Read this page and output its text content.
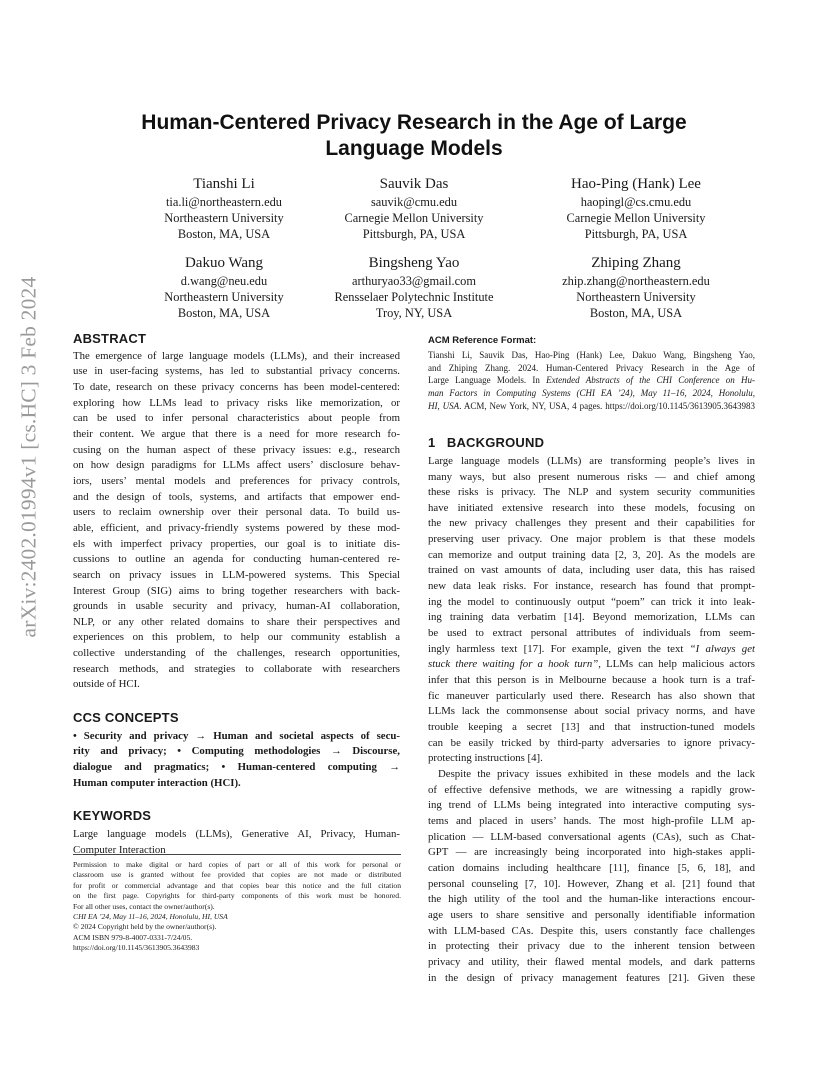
arXiv:2402.01994v1 [cs.HC] 3 Feb 2024
Human-Centered Privacy Research in the Age of Large Language Models
Tianshi Li
tia.li@northeastern.edu
Northeastern University
Boston, MA, USA
Sauvik Das
sauvik@cmu.edu
Carnegie Mellon University
Pittsburgh, PA, USA
Hao-Ping (Hank) Lee
haopingl@cs.cmu.edu
Carnegie Mellon University
Pittsburgh, PA, USA
Dakuo Wang
d.wang@neu.edu
Northeastern University
Boston, MA, USA
Bingsheng Yao
arthuryao33@gmail.com
Rensselaer Polytechnic Institute
Troy, NY, USA
Zhiping Zhang
zhip.zhang@northeastern.edu
Northeastern University
Boston, MA, USA
ABSTRACT
The emergence of large language models (LLMs), and their increased
use in user-facing systems, has led to substantial privacy concerns.
To date, research on these privacy concerns has been model-centered:
exploring how LLMs lead to privacy risks like memorization, or
can be used to infer personal characteristics about people from
their content. We argue that there is a need for more research fo-
cusing on the human aspect of these privacy issues: e.g., research
on how design paradigms for LLMs affect users’ disclosure behav-
iors, users’ mental models and preferences for privacy controls,
and the design of tools, systems, and artifacts that empower end-
users to reclaim ownership over their personal data. To build us-
able, efficient, and privacy-friendly systems powered by these mod-
els with imperfect privacy properties, our goal is to initiate dis-
cussions to outline an agenda for conducting human-centered re-
search on privacy issues in LLM-powered systems. This Special
Interest Group (SIG) aims to bring together researchers with back-
grounds in usable security and privacy, human-AI collaboration,
NLP, or any other related domains to share their perspectives and
experiences on this problem, to help our community establish a
collective understanding of the challenges, research opportunities,
research methods, and strategies to collaborate with researchers
outside of HCI.
CCS CONCEPTS
• Security and privacy → Human and societal aspects of secu-
rity and privacy; • Computing methodologies → Discourse,
dialogue and pragmatics; • Human-centered computing →
Human computer interaction (HCI).
KEYWORDS
Large language models (LLMs), Generative AI, Privacy, Human-
Computer Interaction
Permission to make digital or hard copies of part or all of this work for personal or
classroom use is granted without fee provided that copies are not made or distributed
for profit or commercial advantage and that copies bear this notice and the full citation
on the first page. Copyrights for third-party components of this work must be honored.
For all other uses, contact the owner/author(s).
CHI EA ’24, May 11–16, 2024, Honolulu, HI, USA
© 2024 Copyright held by the owner/author(s).
ACM ISBN 979-8-4007-0331-7/24/05.
https://doi.org/10.1145/3613905.3643983
ACM Reference Format:
Tianshi Li, Sauvik Das, Hao-Ping (Hank) Lee, Dakuo Wang, Bingsheng Yao,
and Zhiping Zhang. 2024. Human-Centered Privacy Research in the Age of
Large Language Models. In Extended Abstracts of the CHI Conference on Hu-
man Factors in Computing Systems (CHI EA ’24), May 11–16, 2024, Honolulu,
HI, USA. ACM, New York, NY, USA, 4 pages. https://doi.org/10.1145/3613905.3643983
1   BACKGROUND
Large language models (LLMs) are transforming people’s lives in
many ways, but also present numerous risks — and chief among
these risks is privacy. The NLP and system security communities
have initiated extensive research into these models, focusing on
the new privacy challenges they present and their capabilities for
preserving user privacy. One major problem is that these models
can memorize and output training data [2, 3, 20]. As the models are
trained on vast amounts of data, including user data, this has raised
new data leak risks. For instance, research has found that prompt-
ing the model to continuously output “poem” can trick it into leak-
ing training data verbatim [14]. Beyond memorization, LLMs can
be used to extract personal attributes of individuals from seem-
ingly harmless text [17]. For example, given the text “I always get
stuck there waiting for a hook turn”, LLMs can help malicious actors
infer that this person is in Melbourne because a hook turn is a traf-
fic maneuver particularly used there. Research has also shown that
LLMs lack the commonsense about social privacy norms, and have
trouble keeping a secret [13] and that instruction-tuned models
can be easily tricked by third-party adversaries to ignore privacy-
protecting instructions [4].
Despite the privacy issues exhibited in these models and the lack
of effective defensive methods, we are witnessing a rapidly grow-
ing trend of LLMs being integrated into interactive computing sys-
tems and placed in users’ hands. The most high-profile LLM ap-
plication — LLM-based conversational agents (CAs), such as Chat-
GPT — are increasingly being incorporated into high-stakes appli-
cation domains including healthcare [11], finance [5, 6, 18], and
personal counseling [7, 10]. However, Zhang et al. [21] found that
the high utility of the tool and the human-like interactions encour-
age users to share sensitive and personally identifiable information
with LLM-based CAs. Despite this, users constantly face challenges
in protecting their privacy due to the inherent tension between
privacy and utility, their flawed mental models, and dark patterns
in the design of privacy management features [21]. Given these
